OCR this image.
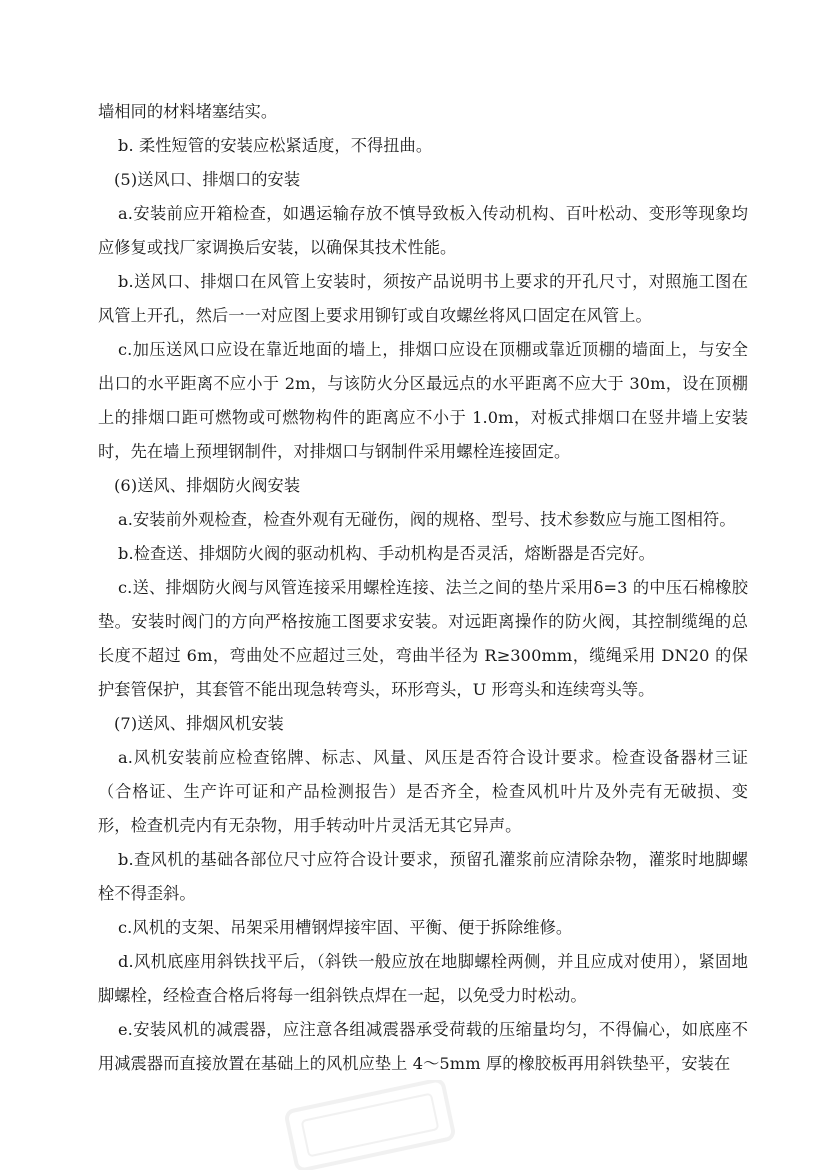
墙相同的材料堵塞结实。

b. 柔性短管的安装应松紧适度，不得扭曲。

(5)送风口、排烟口的安装

a.安装前应开箱检查，如遇运输存放不慎导致板入传动机构、百叶松动、变形等现象均应修复或找厂家调换后安装，以确保其技术性能。

b.送风口、排烟口在风管上安装时，须按产品说明书上要求的开孔尺寸，对照施工图在风管上开孔，然后一一对应图上要求用铆钉或自攻螺丝将风口固定在风管上。

c.加压送风口应设在靠近地面的墙上，排烟口应设在顶棚或靠近顶棚的墙面上，与安全出口的水平距离不应小于 2m，与该防火分区最远点的水平距离不应大于 30m，设在顶棚上的排烟口距可燃物或可燃物构件的距离应不小于 1.0m，对板式排烟口在竖井墙上安装时，先在墙上预埋钢制件，对排烟口与钢制件采用螺栓连接固定。

(6)送风、排烟防火阀安装

a.安装前外观检查，检查外观有无碰伤，阀的规格、型号、技术参数应与施工图相符。

b.检查送、排烟防火阀的驱动机构、手动机构是否灵活，熔断器是否完好。

c.送、排烟防火阀与风管连接采用螺栓连接、法兰之间的垫片采用δ=3 的中压石棉橡胶垫。安装时阀门的方向严格按施工图要求安装。对远距离操作的防火阀，其控制缆绳的总长度不超过 6m，弯曲处不应超过三处，弯曲半径为 R≥300mm，缆绳采用 DN20 的保护套管保护，其套管不能出现急转弯头，环形弯头，U 形弯头和连续弯头等。

(7)送风、排烟风机安装

a.风机安装前应检查铭牌、标志、风量、风压是否符合设计要求。检查设备器材三证（合格证、生产许可证和产品检测报告）是否齐全，检查风机叶片及外壳有无破损、变形，检查机壳内有无杂物，用手转动叶片灵活无其它异声。

b.查风机的基础各部位尺寸应符合设计要求，预留孔灌浆前应清除杂物，灌浆时地脚螺栓不得歪斜。

c.风机的支架、吊架采用槽钢焊接牢固、平衡、便于拆除维修。

d.风机底座用斜铁找平后，（斜铁一般应放在地脚螺栓两侧，并且应成对使用），紧固地脚螺栓，经检查合格后将每一组斜铁点焊在一起，以免受力时松动。

e.安装风机的减震器，应注意各组减震器承受荷载的压缩量均匀，不得偏心，如底座不用减震器而直接放置在基础上的风机应垫上 4～5mm 厚的橡胶板再用斜铁垫平，安装在
